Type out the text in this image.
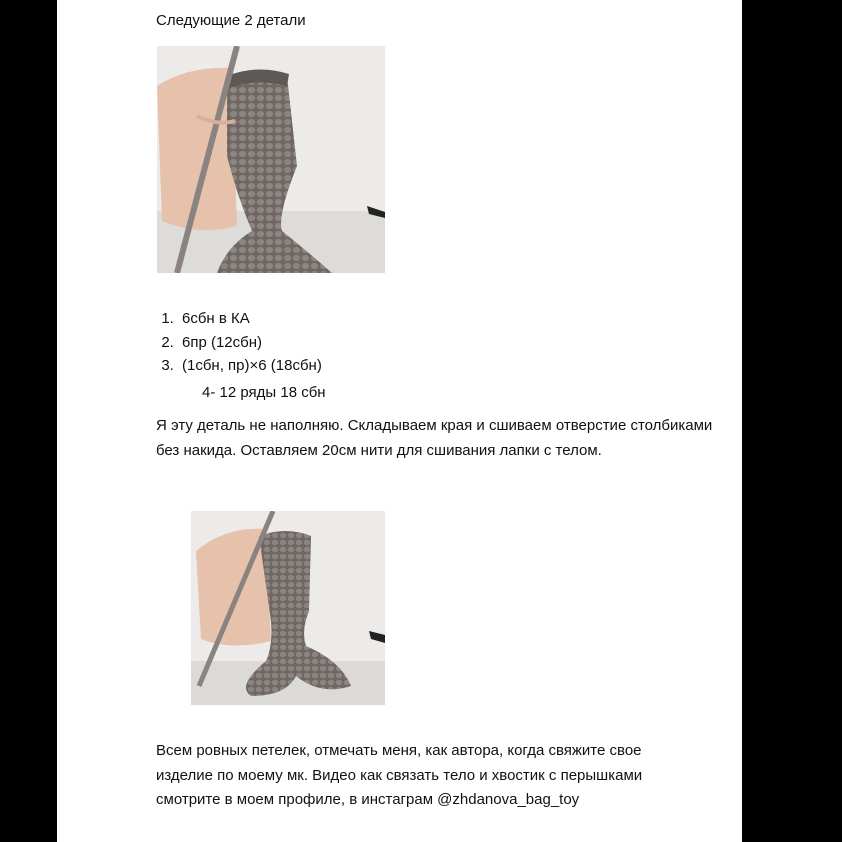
Следующие 2 детали
1. 6сбн в КА
2. 6пр (12сбн)
3. (1сбн, пр)×6 (18сбн)
4- 12 ряды 18 сбн

Я эту деталь не наполняю. Складываем края и сшиваем отверстие столбиками без накида. Оставляем 20см нити для сшивания лапки с телом.

Всем ровных петелек, отмечать меня, как автора, когда свяжите свое изделие по моему мк. Видео как связать тело и хвостик с перышками смотрите в моем профиле, в инстаграм @zhdanova_bag_toy
